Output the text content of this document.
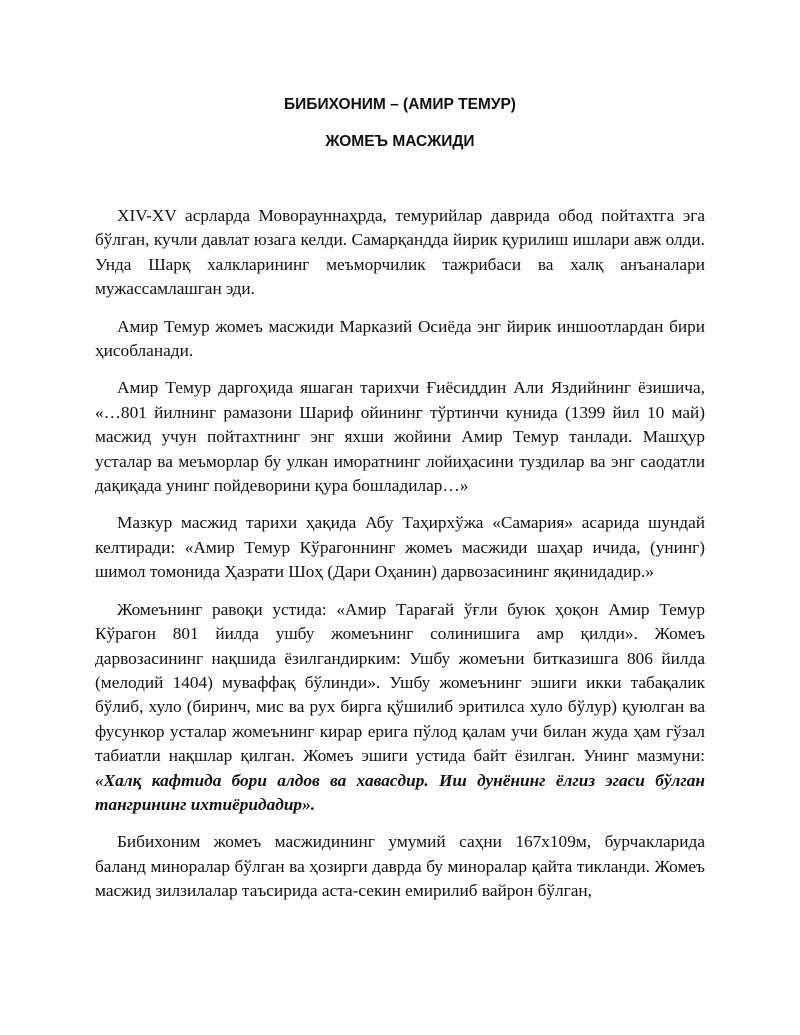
БИБИХОНИМ – (АМИР ТЕМУР)
ЖОМЕЪ МАСЖИДИ

XIV-XV асрларда Моворауннаҳрда, темурийлар даврида обод пойтахтга эга бўлган, кучли давлат юзага келди. Самарқандда йирик қурилиш ишлари авж олди. Унда Шарқ халкларининг меъморчилик тажрибаси ва халқ анъаналари мужассамлашган эди.

Амир Темур жомеъ масжиди Марказий Осиёда энг йирик иншоотлардан бири ҳисобланади.

Амир Темур даргоҳида яшаган тарихчи Ғиёсиддин Али Яздийнинг ёзишича, «…801 йилнинг рамазони Шариф ойининг тўртинчи кунида (1399 йил 10 май) масжид учун пойтахтнинг энг яхши жойини Амир Темур танлади. Машҳур усталар ва меъморлар бу улкан иморатнинг лойиҳасини туздилар ва энг саодатли дақиқада унинг пойдеворини қура бошладилар…»

Мазкур масжид тарихи ҳақида Абу Таҳирхўжа «Самария» асарида шундай келтиради: «Амир Темур Кўрагоннинг жомеъ масжиди шаҳар ичида, (унинг) шимол томонида Ҳазрати Шоҳ (Дари Оҳанин) дарвозасининг яқинидадир.»

Жомеънинг равоқи устида: «Амир Тарағай ўғли буюк ҳоқон Амир Темур Кўрагон 801 йилда ушбу жомеънинг солинишига амр қилди». Жомеъ дарвозасининг нақшида ёзилгандирким: Ушбу жомеъни битказишга 806 йилда (мелодий 1404) муваффақ бўлинди». Ушбу жомеънинг эшиги икки табақалик бўлиб, хуло (биринч, мис ва рух бирга қўшилиб эритилса хуло бўлур) қуюлган ва фусункор усталар жомеънинг кирар ерига пўлод қалам учи билан жуда ҳам гўзал табиатли нақшлар қилган. Жомеъ эшиги устида байт ёзилган. Унинг мазмуни: «Халқ кафтида бори алдов ва хавасдир. Иш дунёнинг ёлгиз эгаси бўлган тангрининг ихтиёридадир».

Бибихоним жомеъ масжидининг умумий саҳни 167x109м, бурчакларида баланд миноралар бўлган ва ҳозирги даврда бу миноралар қайта тикланди. Жомеъ масжид зилзилалар таъсирида аста-секин емирилиб вайрон бўлган,
